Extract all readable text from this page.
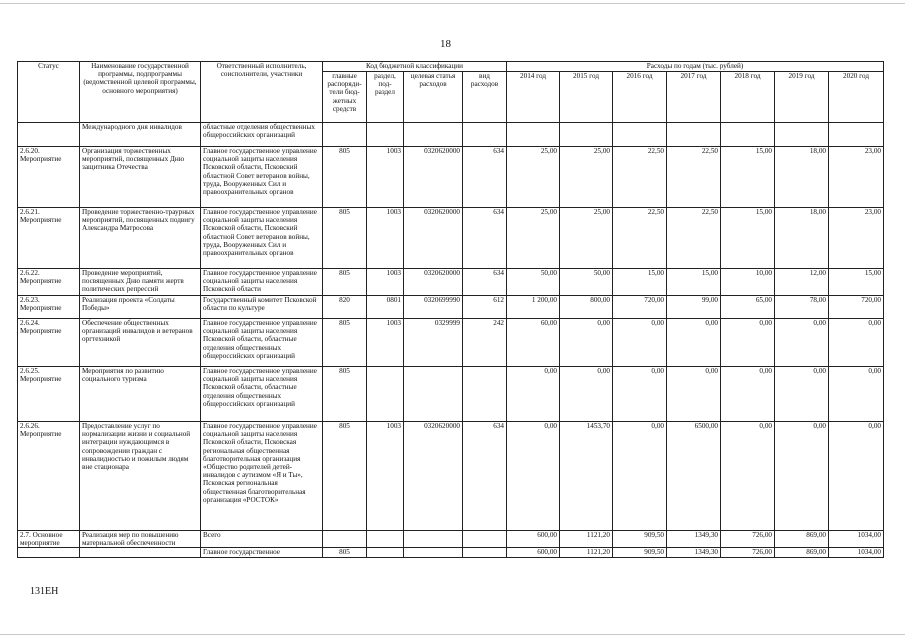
18
Статус	Наименование государственной программы, подпрограммы (ведомственной целевой программы, основного мероприятия)	Ответственный исполнитель, соисполнители, участники	Код бюджетной классификации				Расходы по годам (тыс. рублей)						
			главные распоряди-тели бюд-жетных средств	раздел, под-раздел	целевая статья расходов	вид расходов	2014 год	2015 год	2016 год	2017 год	2018 год	2019 год	2020 год
	Международного дня инвалидов	областные отделения общественных общероссийских организаций											
2.6.20. Мероприятие	Организация торжественных мероприятий, посвященных Дню защитника Отечества	Главное государственное управление социальной защиты населения Псковской области, Псковский областной Совет ветеранов войны, труда, Вооруженных Сил и правоохранительных органов	805	1003	0320620000	634	25,00	25,00	22,50	22,50	15,00	18,00	23,00
2.6.21. Мероприятие	Проведение торжественно-траурных мероприятий, посвященных подвигу Александра Матросова	Главное государственное управление социальной защиты населения Псковской области, Псковский областной Совет ветеранов войны, труда, Вооруженных Сил и правоохранительных органов	805	1003	0320620000	634	25,00	25,00	22,50	22,50	15,00	18,00	23,00
2.6.22. Мероприятие	Проведение мероприятий, посвященных Дню памяти жертв политических репрессий	Главное государственное управление социальной защиты населения Псковской области	805	1003	0320620000	634	50,00	50,00	15,00	15,00	10,00	12,00	15,00
2.6.23. Мероприятие	Реализация проекта «Солдаты Победы»	Государственный комитет Псковской области по культуре	820	0801	0320699990	612	1 200,00	800,00	720,00	99,00	65,00	78,00	720,00
2.6.24. Мероприятие	Обеспечение общественных организаций инвалидов и ветеранов оргтехникой	Главное государственное управление социальной защиты населения Псковской области, областные отделения общественных общероссийских организаций	805	1003	0329999	242	60,00	0,00	0,00	0,00	0,00	0,00	0,00
2.6.25. Мероприятие	Мероприятия по развитию социального туризма	Главное государственное управление социальной защиты населения Псковской области, областные отделения общественных общероссийских организаций	805				0,00	0,00	0,00	0,00	0,00	0,00	0,00
2.6.26. Мероприятие	Предоставление услуг по нормализации жизни и социальной интеграции нуждающимся в сопровождении граждан с инвалидностью и пожилым людям вне стационара	Главное государственное управление социальной защиты населения Псковской области, Псковская региональная общественная благотворительная организация «Общество родителей детей-инвалидов с аутизмом «Я и Ты», Псковская региональная общественная благотворительная организация «РОСТОК»	805	1003	0320620000	634	0,00	1453,70	0,00	6500,00	0,00	0,00	0,00
2.7. Основное мероприятие	Реализация мер по повышению материальной обеспеченности	Всего					600,00	1121,20	909,50	1349,30	726,00	869,00	1034,00
		Главное государственное	805				600,00	1121,20	909,50	1349,30	726,00	869,00	1034,00
131EH
